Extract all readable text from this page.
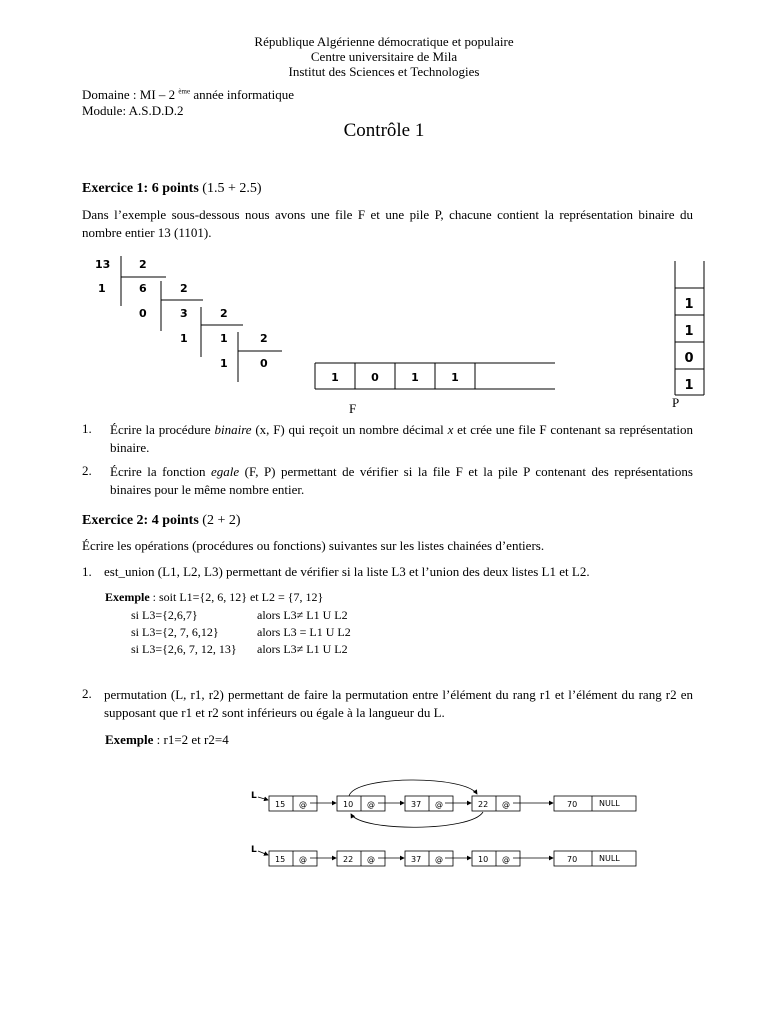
République Algérienne démocratique et populaire
Centre universitaire de Mila
Institut des Sciences et Technologies
Domaine : MI – 2 $^{ème}$ année informatique
Module: A.S.D.D.2
Contrôle 1
Exercice 1: 6 points (1.5 + 2.5)
Dans l’exemple sous-dessous nous avons une file F et une pile P, chacune contient la représentation binaire du nombre entier 13 (1101).
13	2
1	6	2
0	3	2
1	1	2
1	0
1	0	1	1
F
1
1
0
1
P
1. Écrire la procédure binaire (x, F) qui reçoit un nombre décimal x et crée une file F contenant sa représentation binaire.
2. Écrire la fonction egale (F, P) permettant de vérifier si la file F et la pile P contenant des représentations binaires pour le même nombre entier.
Exercice 2: 4 points (2 + 2)
Écrire les opérations (procédures ou fonctions) suivantes sur les listes chainées d’entiers.
1. est_union (L1, L2, L3) permettant de vérifier si la liste L3 et l’union des deux listes L1 et L2.
Exemple : soit L1={2, 6, 12} et L2 = {7, 12}
si L3={2,6,7}	alors L3≠ L1 U L2
si L3={2, 7, 6,12}	alors L3 = L1 U L2
si L3={2,6, 7, 12, 13} alors L3≠ L1 U L2
2. permutation (L, r1, r2) permettant de faire la permutation entre l’élément du rang r1 et l’élément du rang r2 en supposant que r1 et r2 sont inférieurs ou égale à la langueur du L.
Exemple : r1=2 et r2=4
L
15	10	37	22	70
@	@	@	@	NULL
L
15	22	37	10	70
@	@	@	@	NULL
